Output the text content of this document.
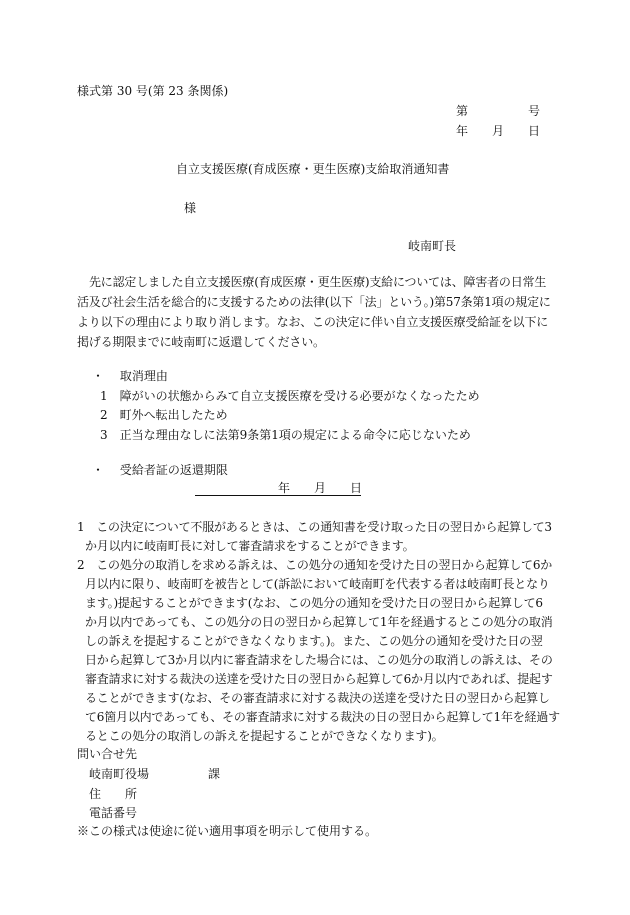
様式第 30 号(第 23 条関係)
第　　　　　号
年　　月　　日
自立支援医療(育成医療・更生医療)支給取消通知書
様
岐南町長
先に認定しました自立支援医療(育成医療・更生医療)支給については、障害者の日常生
活及び社会生活を総合的に支援するための法律(以下「法」という。)第57条第1項の規定に
より以下の理由により取り消します。なお、この決定に伴い自立支援医療受給証を以下に
掲げる期限までに岐南町に返還してください。
・　 取消理由
1　障がいの状態からみて自立支援医療を受ける必要がなくなったため
2　町外へ転出したため
3　正当な理由なしに法第9条第1項の規定による命令に応じないため
・　 受給者証の返還期限
年　　月　　日
1　この決定について不服があるときは、この通知書を受け取った日の翌日から起算して3
か月以内に岐南町長に対して審査請求をすることができます。
2　この処分の取消しを求める訴えは、この処分の通知を受けた日の翌日から起算して6か
月以内に限り、岐南町を被告として(訴訟において岐南町を代表する者は岐南町長となり
ます。)提起することができます(なお、この処分の通知を受けた日の翌日から起算して6
か月以内であっても、この処分の日の翌日から起算して1年を経過するとこの処分の取消
しの訴えを提起することができなくなります。)。また、この処分の通知を受けた日の翌
日から起算して3か月以内に審査請求をした場合には、この処分の取消しの訴えは、その
審査請求に対する裁決の送達を受けた日の翌日から起算して6か月以内であれば、提起す
ることができます(なお、その審査請求に対する裁決の送達を受けた日の翌日から起算し
て6箇月以内であっても、その審査請求に対する裁決の日の翌日から起算して1年を経過す
るとこの処分の取消しの訴えを提起することができなくなります)。
問い合せ先
岐南町役場	課
住　　所
電話番号
※この様式は使途に従い適用事項を明示して使用する。
